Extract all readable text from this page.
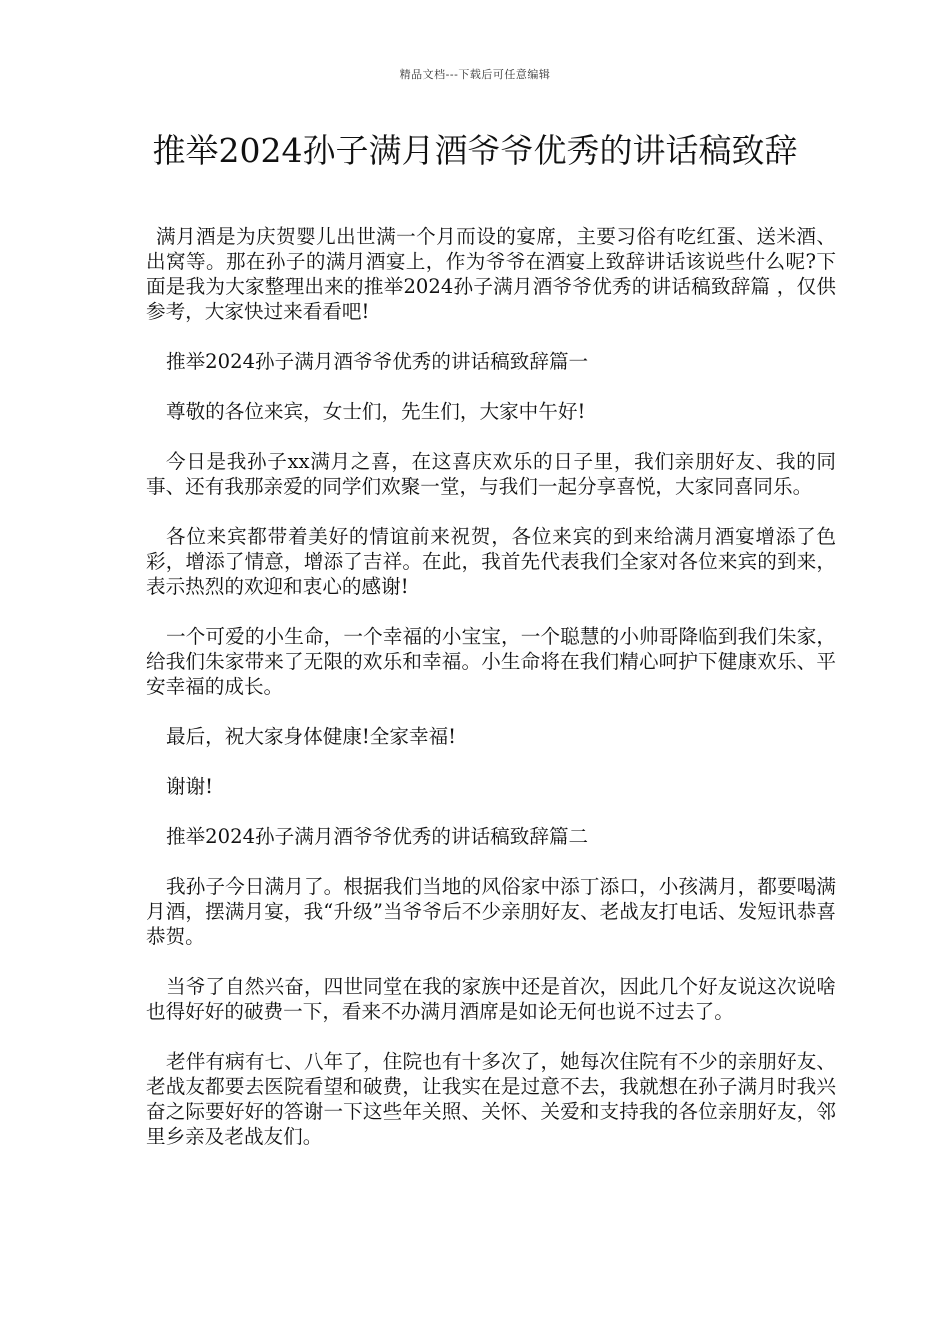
精品文档---下载后可任意编辑
推举2024孙子满月酒爷爷优秀的讲话稿致辞

满月酒是为庆贺婴儿出世满一个月而设的宴席，主要习俗有吃红蛋、送米酒、出窝等。那在孙子的满月酒宴上，作为爷爷在酒宴上致辞讲话该说些什么呢?下面是我为大家整理出来的推举2024孙子满月酒爷爷优秀的讲话稿致辞篇 ，仅供参考，大家快过来看看吧!

推举2024孙子满月酒爷爷优秀的讲话稿致辞篇一

尊敬的各位来宾，女士们，先生们，大家中午好!

今日是我孙子xx满月之喜，在这喜庆欢乐的日子里，我们亲朋好友、我的同事、还有我那亲爱的同学们欢聚一堂，与我们一起分享喜悦，大家同喜同乐。

各位来宾都带着美好的情谊前来祝贺，各位来宾的到来给满月酒宴增添了色彩，增添了情意，增添了吉祥。在此，我首先代表我们全家对各位来宾的到来，表示热烈的欢迎和衷心的感谢!

一个可爱的小生命，一个幸福的小宝宝，一个聪慧的小帅哥降临到我们朱家，给我们朱家带来了无限的欢乐和幸福。小生命将在我们精心呵护下健康欢乐、平安幸福的成长。

最后，祝大家身体健康!全家幸福!

谢谢!

推举2024孙子满月酒爷爷优秀的讲话稿致辞篇二

我孙子今日满月了。根据我们当地的风俗家中添丁添口，小孩满月，都要喝满月酒，摆满月宴，我“升级”当爷爷后不少亲朋好友、老战友打电话、发短讯恭喜恭贺。

当爷了自然兴奋，四世同堂在我的家族中还是首次，因此几个好友说这次说啥也得好好的破费一下，看来不办满月酒席是如论无何也说不过去了。

老伴有病有七、八年了，住院也有十多次了，她每次住院有不少的亲朋好友、老战友都要去医院看望和破费，让我实在是过意不去，我就想在孙子满月时我兴奋之际要好好的答谢一下这些年关照、关怀、关爱和支持我的各位亲朋好友，邻里乡亲及老战友们。
